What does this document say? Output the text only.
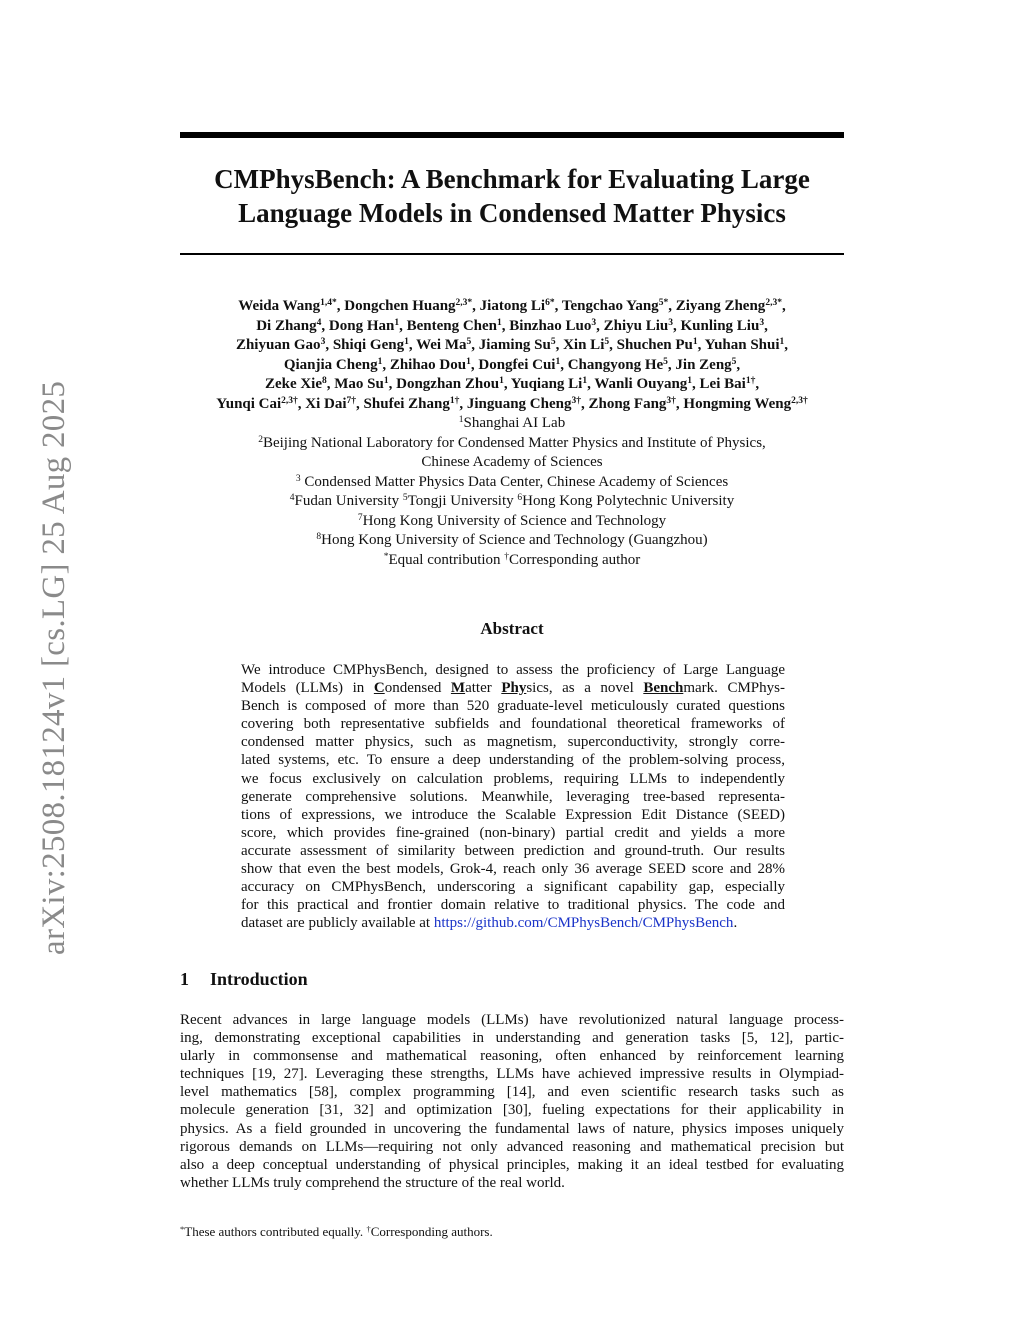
arXiv:2508.18124v1 [cs.LG] 25 Aug 2025
CMPhysBench: A Benchmark for Evaluating Large
Language Models in Condensed Matter Physics
Weida Wang$^{1,4*}$, Dongchen Huang$^{2,3*}$, Jiatong $Li^{6*}$, Tengchao Yang$^{5*}$, Ziyang Zheng$^{2,3*}$,
Di Zhang$^4$, Dong Han$^1$, Benteng Chen$^1$, Binzhao Luo$^3$, Zhiyu Liu$^3$, Kunling Liu$^3$,
Zhiyuan Gao$^3$, Shiqi Geng$^1$, Wei Ma$^5$, Jiaming Su$^5$, Xin Li$^5$, Shuchen Pu$^1$, Yuhan Shui$^1$,
Qianjia Cheng$^1$, Zhihao Dou$^1$, Dongfei Cui$^1$, Changyong He$^5$, Jin Zeng$^5$,
Zeke Xie$^8$, Mao Su$^1$, Dongzhan Zhou$^1$, Yuqiang Li$^1$, Wanli Ouyang$^1$, Lei Bai$^{1\dagger}$,
Yunqi Cai$^{2,3\dagger}$, Xi Dai$^{7\dagger}$, Shufei Zhang$^{1\dagger}$, Jinguang Cheng$^{3\dagger}$, Zhong Fang$^{3\dagger}$, Hongming Weng$^{2,3\dagger}$
$^1$Shanghai AI Lab
$^2$Beijing National Laboratory for Condensed Matter Physics and Institute of Physics,
Chinese Academy of Sciences
$^3$ Condensed Matter Physics Data Center, Chinese Academy of Sciences
$^4$Fudan University $^5$Tongji University $^6$Hong Kong Polytechnic University
$^7$Hong Kong University of Science and Technology
$^8$Hong Kong University of Science and Technology (Guangzhou)
*Equal contribution †Corresponding author
Abstract
We introduce CMPhysBench, designed to assess the proficiency of Large Language
Models (LLMs) in Condensed Matter Physics, as a novel Benchmark. CMPhys-
Bench is composed of more than 520 graduate-level meticulously curated questions
covering both representative subfields and foundational theoretical frameworks of
condensed matter physics, such as magnetism, superconductivity, strongly corre-
lated systems, etc. To ensure a deep understanding of the problem-solving process,
we focus exclusively on calculation problems, requiring LLMs to independently
generate comprehensive solutions. Meanwhile, leveraging tree-based representa-
tions of expressions, we introduce the Scalable Expression Edit Distance (SEED)
score, which provides fine-grained (non-binary) partial credit and yields a more
accurate assessment of similarity between prediction and ground-truth. Our results
show that even the best models, Grok-4, reach only 36 average SEED score and 28%
accuracy on CMPhysBench, underscoring a significant capability gap, especially
for this practical and frontier domain relative to traditional physics. The code and
dataset are publicly available at https://github.com/CMPhysBench/CMPhysBench.
1 Introduction
Recent advances in large language models (LLMs) have revolutionized natural language process-
ing, demonstrating exceptional capabilities in understanding and generation tasks [5, 12], partic-
ularly in commonsense and mathematical reasoning, often enhanced by reinforcement learning
techniques [19, 27]. Leveraging these strengths, LLMs have achieved impressive results in Olympiad-
level mathematics [58], complex programming [14], and even scientific research tasks such as
molecule generation [31, 32] and optimization [30], fueling expectations for their applicability in
physics. As a field grounded in uncovering the fundamental laws of nature, physics imposes uniquely
rigorous demands on LLMs—requiring not only advanced reasoning and mathematical precision but
also a deep conceptual understanding of physical principles, making it an ideal testbed for evaluating
whether LLMs truly comprehend the structure of the real world.
*These authors contributed equally. †Corresponding authors.
